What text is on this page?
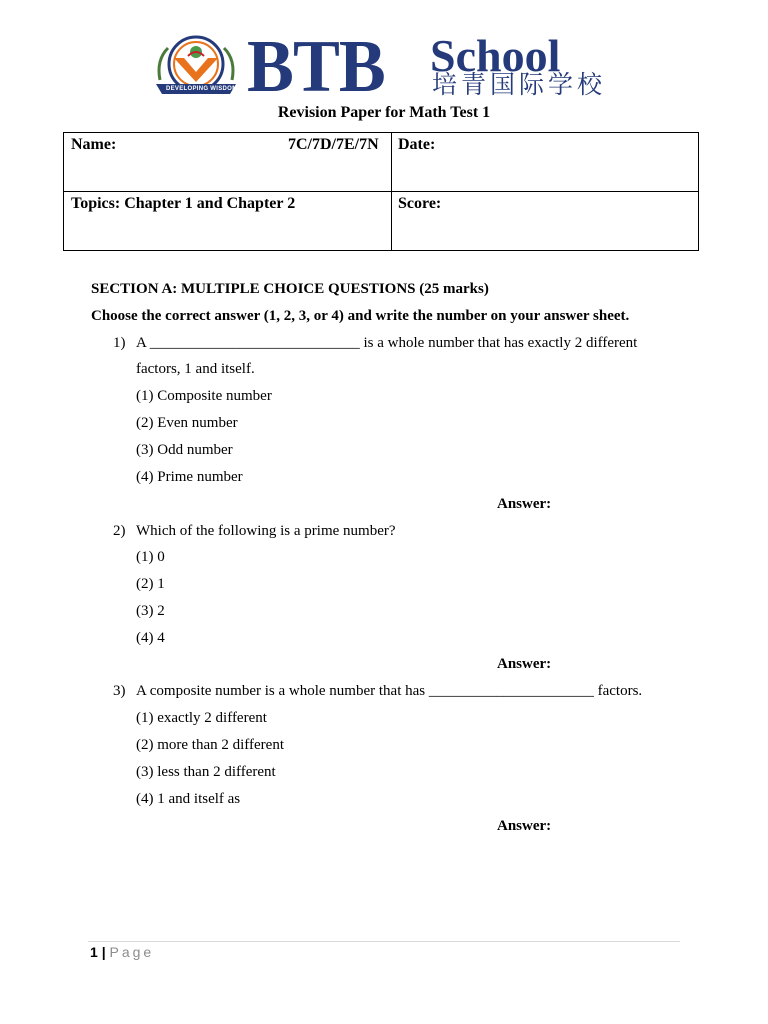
DEVELOPING WISDOM BTB School
培青国际学校
Revision Paper for Math Test 1
Name:	7C/7D/7E/7N Date:
Topics: Chapter 1 and Chapter 2	Score:
SECTION A: MULTIPLE CHOICE QUESTIONS (25 marks)
Choose the correct answer (1, 2, 3, or 4) and write the number on your answer sheet.
1) A ____________________________ is a whole number that has exactly 2 different
factors, 1 and itself.
(1) Composite number
(2) Even number
(3) Odd number
(4) Prime number
Answer:
2) Which of the following is a prime number?
(1) 0
(2) 1
(3) 2
(4) 4
Answer:
3) A composite number is a whole number that has ______________________ factors.
(1) exactly 2 different
(2) more than 2 different
(3) less than 2 different
(4) 1 and itself as
Answer:
1 | Page
